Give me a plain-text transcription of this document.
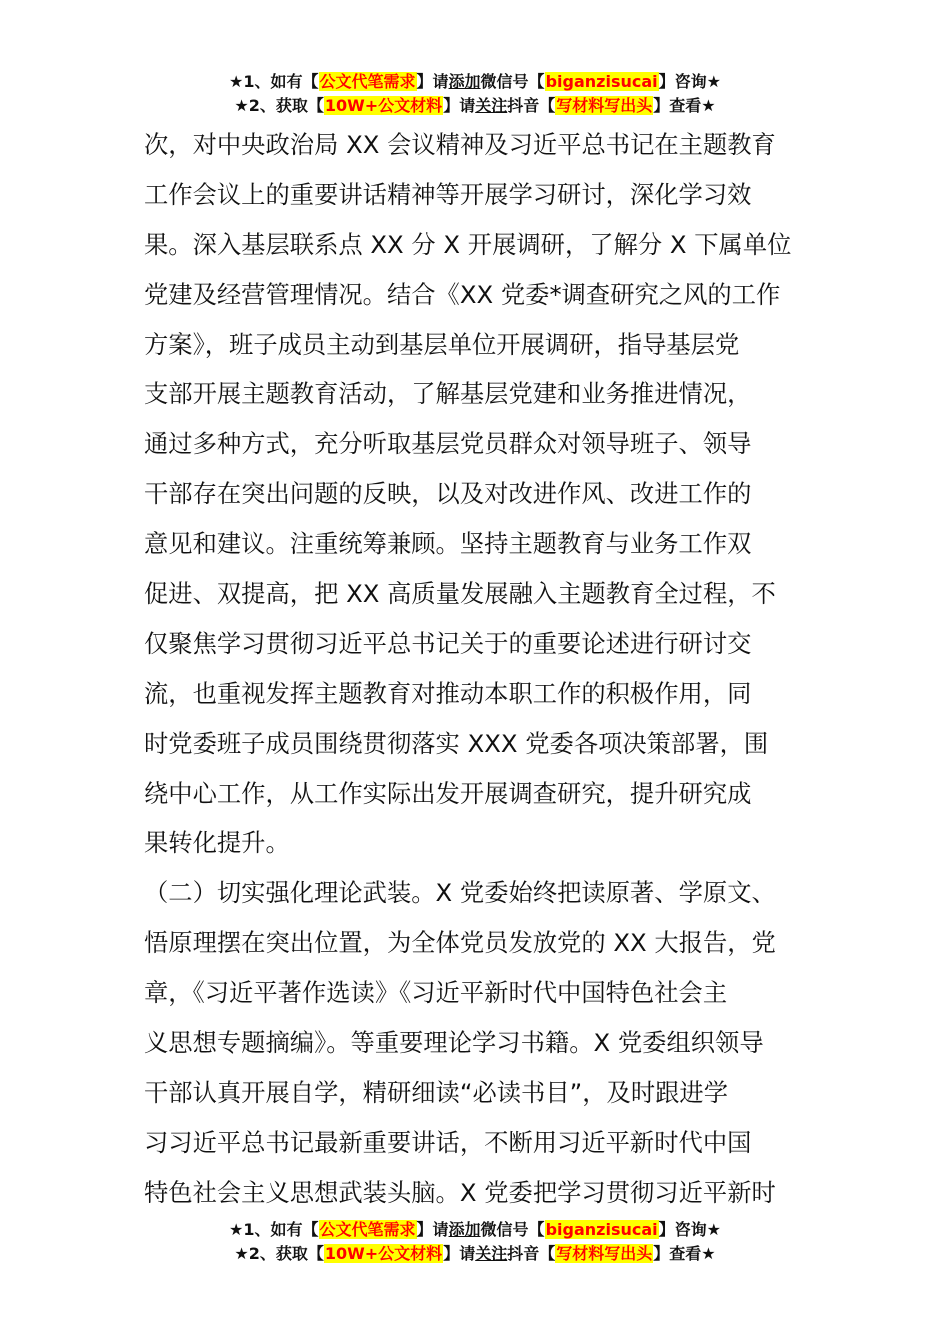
★1、如有【公文代笔需求】请添加微信号【biganzisucai】咨询★
★2、获取【10W+公文材料】请关注抖音【写材料写出头】查看★
次，对中央政治局 XX 会议精神及习近平总书记在主题教育
工作会议上的重要讲话精神等开展学习研讨，深化学习效
果。深入基层联系点 XX 分 X 开展调研，了解分 X 下属单位
党建及经营管理情况。结合《XX 党委*调查研究之风的工作
方案》，班子成员主动到基层单位开展调研，指导基层党
支部开展主题教育活动，了解基层党建和业务推进情况，
通过多种方式，充分听取基层党员群众对领导班子、领导
干部存在突出问题的反映，以及对改进作风、改进工作的
意见和建议。注重统筹兼顾。坚持主题教育与业务工作双
促进、双提高，把 XX 高质量发展融入主题教育全过程，不
仅聚焦学习贯彻习近平总书记关于的重要论述进行研讨交
流，也重视发挥主题教育对推动本职工作的积极作用，同
时党委班子成员围绕贯彻落实 XXX 党委各项决策部署，围
绕中心工作，从工作实际出发开展调查研究，提升研究成
果转化提升。
（二）切实强化理论武装。X 党委始终把读原著、学原文、
悟原理摆在突出位置，为全体党员发放党的 XX 大报告，党
章，《习近平著作选读》《习近平新时代中国特色社会主
义思想专题摘编》。等重要理论学习书籍。X 党委组织领导
干部认真开展自学，精研细读“必读书目”，及时跟进学
习习近平总书记最新重要讲话，不断用习近平新时代中国
特色社会主义思想武装头脑。X 党委把学习贯彻习近平新时
★1、如有【公文代笔需求】请添加微信号【biganzisucai】咨询★
★2、获取【10W+公文材料】请关注抖音【写材料写出头】查看★
